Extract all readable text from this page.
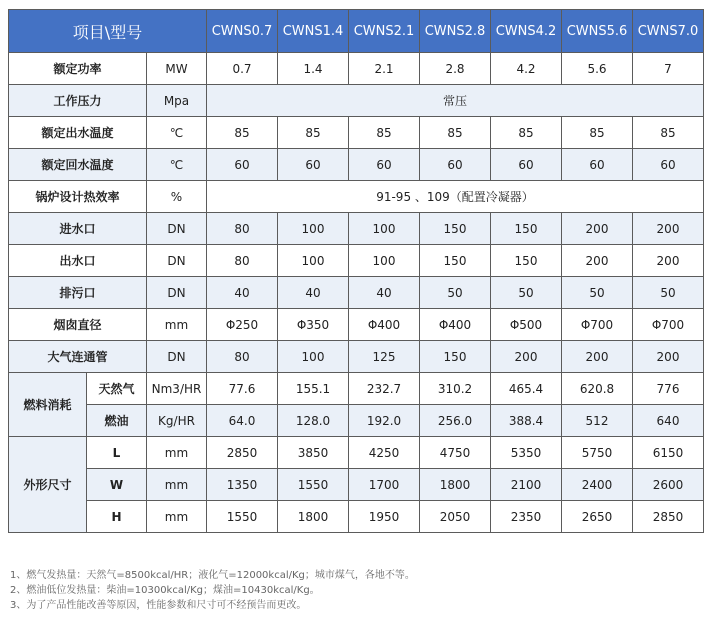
项目\型号			CWNS0.7	CWNS1.4	CWNS2.1	CWNS2.8	CWNS4.2	CWNS5.6	CWNS7.0
额定功率		MW	0.7	1.4	2.1	2.8	4.2	5.6	7
工作压力		Mpa	常压						
额定出水温度		℃	85	85	85	85	85	85	85
额定回水温度		℃	60	60	60	60	60	60	60
锅炉设计热效率		%	91-95 、109（配置冷凝器）						
进水口		DN	80	100	100	150	150	200	200
出水口		DN	80	100	100	150	150	200	200
排污口		DN	40	40	40	50	50	50	50
烟囱直径		mm	Φ250	Φ350	Φ400	Φ400	Φ500	Φ700	Φ700
大气连通管		DN	80	100	125	150	200	200	200
燃料消耗	天然气	Nm3/HR	77.6	155.1	232.7	310.2	465.4	620.8	776
	燃油	Kg/HR	64.0	128.0	192.0	256.0	388.4	512	640
外形尺寸	L	mm	2850	3850	4250	4750	5350	5750	6150
	W	mm	1350	1550	1700	1800	2100	2400	2600
	H	mm	1550	1800	1950	2050	2350	2650	2850
1、燃气发热量：天然气=8500kcal/HR；液化气=12000kcal/Kg；城市煤气，各地不等。
2、燃油低位发热量：柴油=10300kcal/Kg；煤油=10430kcal/Kg。
3、为了产品性能改善等原因，性能参数和尺寸可不经预告而更改。
